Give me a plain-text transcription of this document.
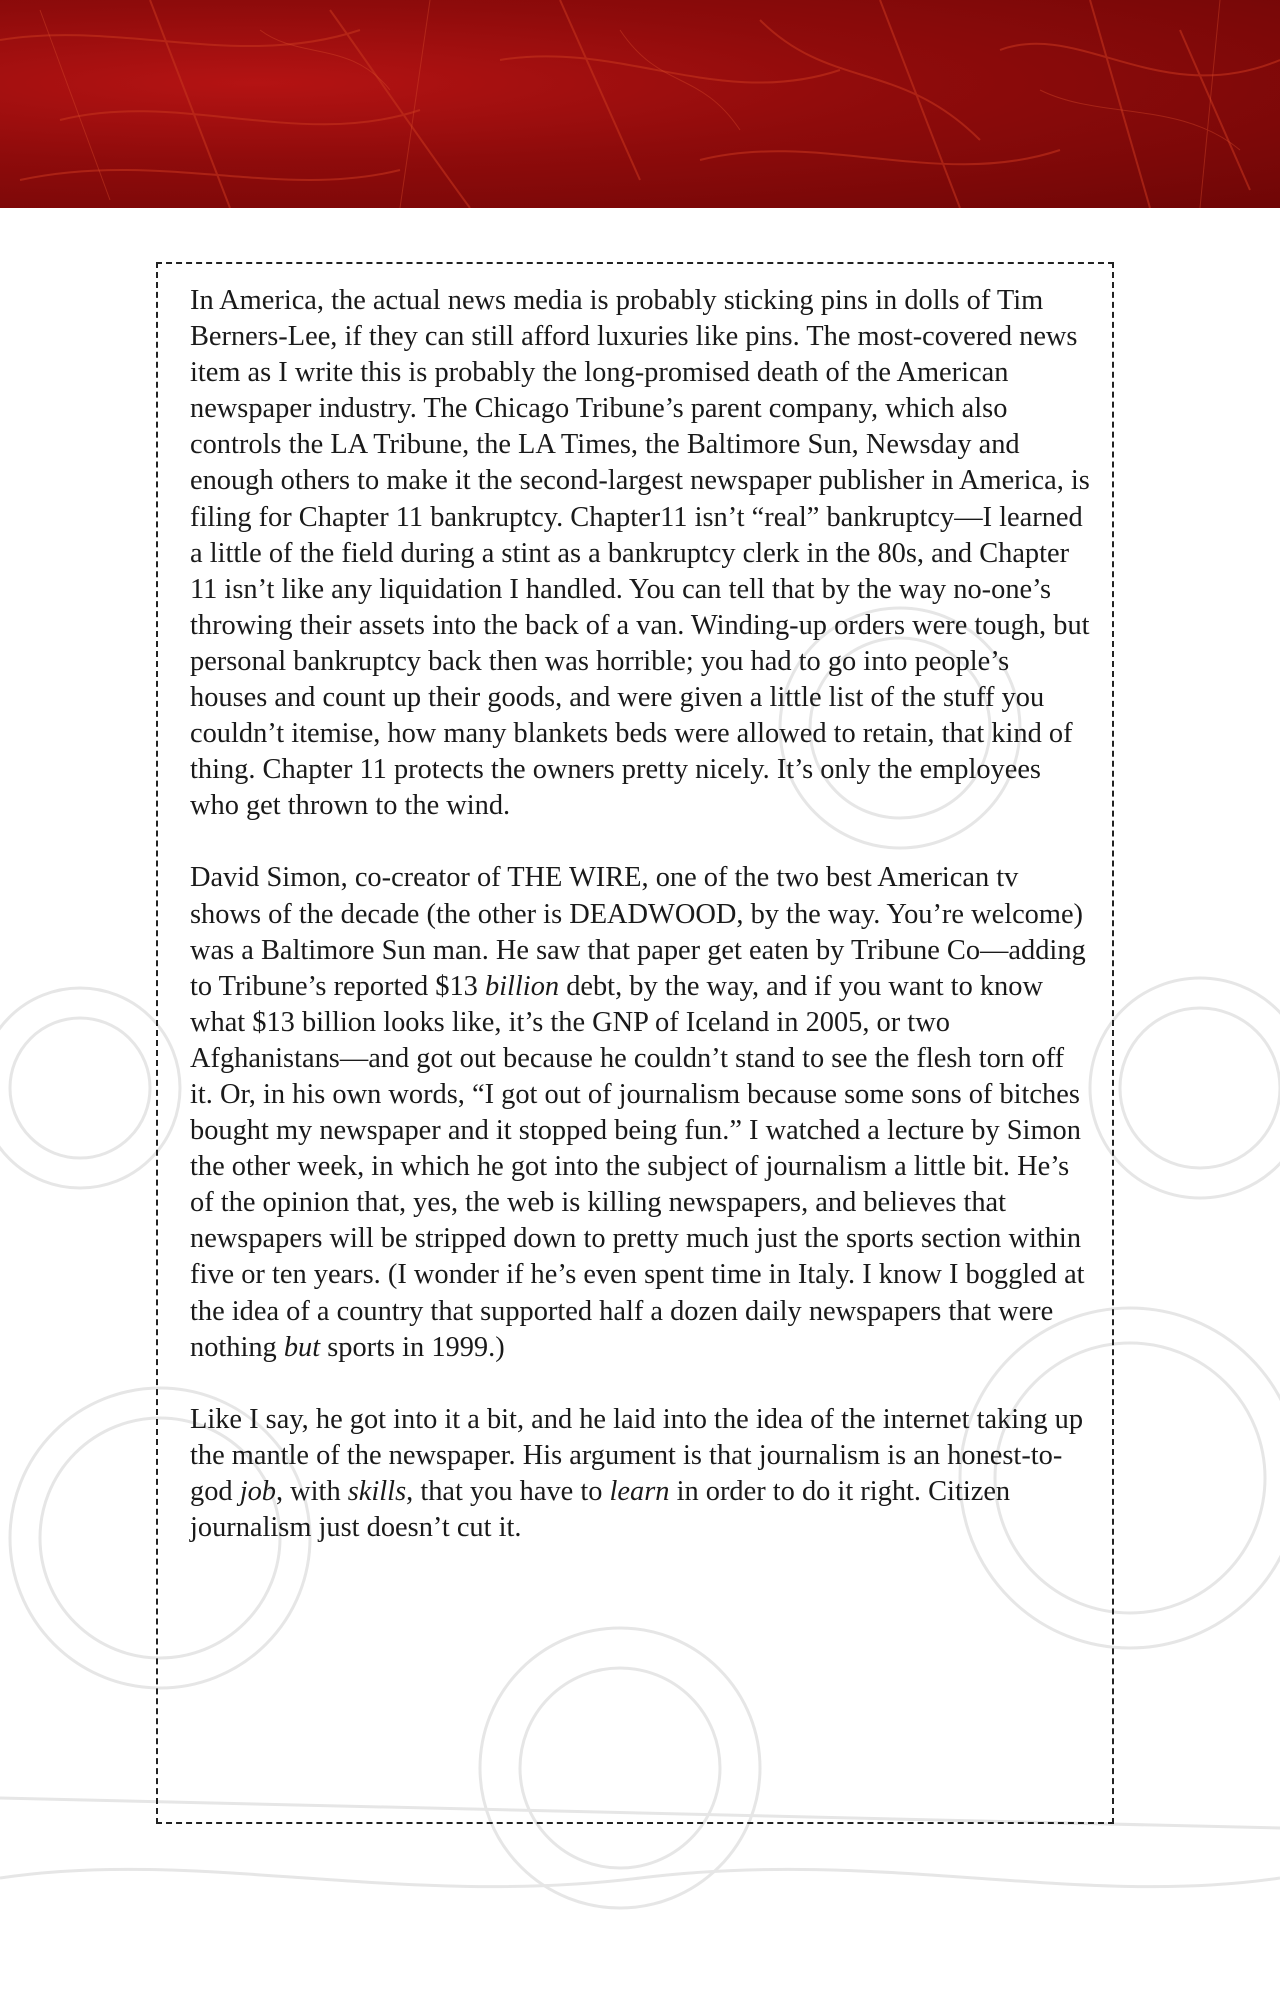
In America, the actual news media is probably sticking pins in dolls of Tim Berners-Lee, if they can still afford luxuries like pins. The most-covered news item as I write this is probably the long-promised death of the American newspaper industry. The Chicago Tribune’s parent company, which also controls the LA Tribune, the LA Times, the Baltimore Sun, Newsday and enough others to make it the second-largest newspaper publisher in America, is filing for Chapter 11 bankruptcy. Chapter11 isn’t “real” bankruptcy—I learned a little of the field during a stint as a bankruptcy clerk in the 80s, and Chapter 11 isn’t like any liquidation I handled. You can tell that by the way no-one’s throwing their assets into the back of a van. Winding-up orders were tough, but personal bankruptcy back then was horrible; you had to go into people’s houses and count up their goods, and were given a little list of the stuff you couldn’t itemise, how many blankets beds were allowed to retain, that kind of thing. Chapter 11 protects the owners pretty nicely. It’s only the employees who get thrown to the wind.

David Simon, co-creator of THE WIRE, one of the two best American tv shows of the decade (the other is DEADWOOD, by the way. You’re welcome) was a Baltimore Sun man. He saw that paper get eaten by Tribune Co—adding to Tribune’s reported $13 billion debt, by the way, and if you want to know what $13 billion looks like, it’s the GNP of Iceland in 2005, or two Afghanistans—and got out because he couldn’t stand to see the flesh torn off it. Or, in his own words, “I got out of journalism because some sons of bitches bought my newspaper and it stopped being fun.” I watched a lecture by Simon the other week, in which he got into the subject of journalism a little bit. He’s of the opinion that, yes, the web is killing newspapers, and believes that newspapers will be stripped down to pretty much just the sports section within five or ten years. (I wonder if he’s even spent time in Italy. I know I boggled at the idea of a country that supported half a dozen daily newspapers that were nothing but sports in 1999.)

Like I say, he got into it a bit, and he laid into the idea of the internet taking up the mantle of the newspaper. His argument is that journalism is an honest-to-god job, with skills, that you have to learn in order to do it right. Citizen journalism just doesn’t cut it.
